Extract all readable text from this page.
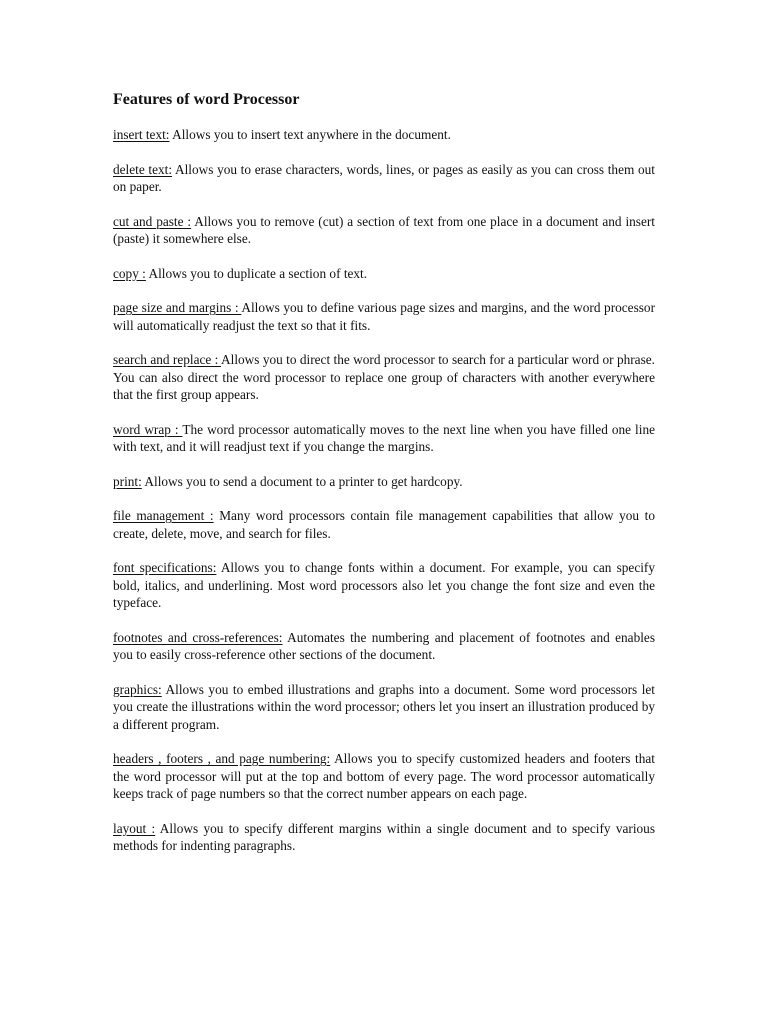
Features of word Processor

insert text: Allows you to insert text anywhere in the document.

delete text: Allows you to erase characters, words, lines, or pages as easily as you can cross them out on paper.

cut and paste : Allows you to remove (cut) a section of text from one place in a document and insert (paste) it somewhere else.

copy : Allows you to duplicate a section of text.

page size and margins : Allows you to define various page sizes and margins, and the word processor will automatically readjust the text so that it fits.

search and replace : Allows you to direct the word processor to search for a particular word or phrase. You can also direct the word processor to replace one group of characters with another everywhere that the first group appears.

word wrap : The word processor automatically moves to the next line when you have filled one line with text, and it will readjust text if you change the margins.

print: Allows you to send a document to a printer to get hardcopy.

file management : Many word processors contain file management capabilities that allow you to create, delete, move, and search for files.

font specifications: Allows you to change fonts within a document. For example, you can specify bold, italics, and underlining. Most word processors also let you change the font size and even the typeface.

footnotes and cross-references: Automates the numbering and placement of footnotes and enables you to easily cross-reference other sections of the document.

graphics: Allows you to embed illustrations and graphs into a document. Some word processors let you create the illustrations within the word processor; others let you insert an illustration produced by a different program.

headers , footers , and page numbering: Allows you to specify customized headers and footers that the word processor will put at the top and bottom of every page. The word processor automatically keeps track of page numbers so that the correct number appears on each page.

layout : Allows you to specify different margins within a single document and to specify various methods for indenting paragraphs.
